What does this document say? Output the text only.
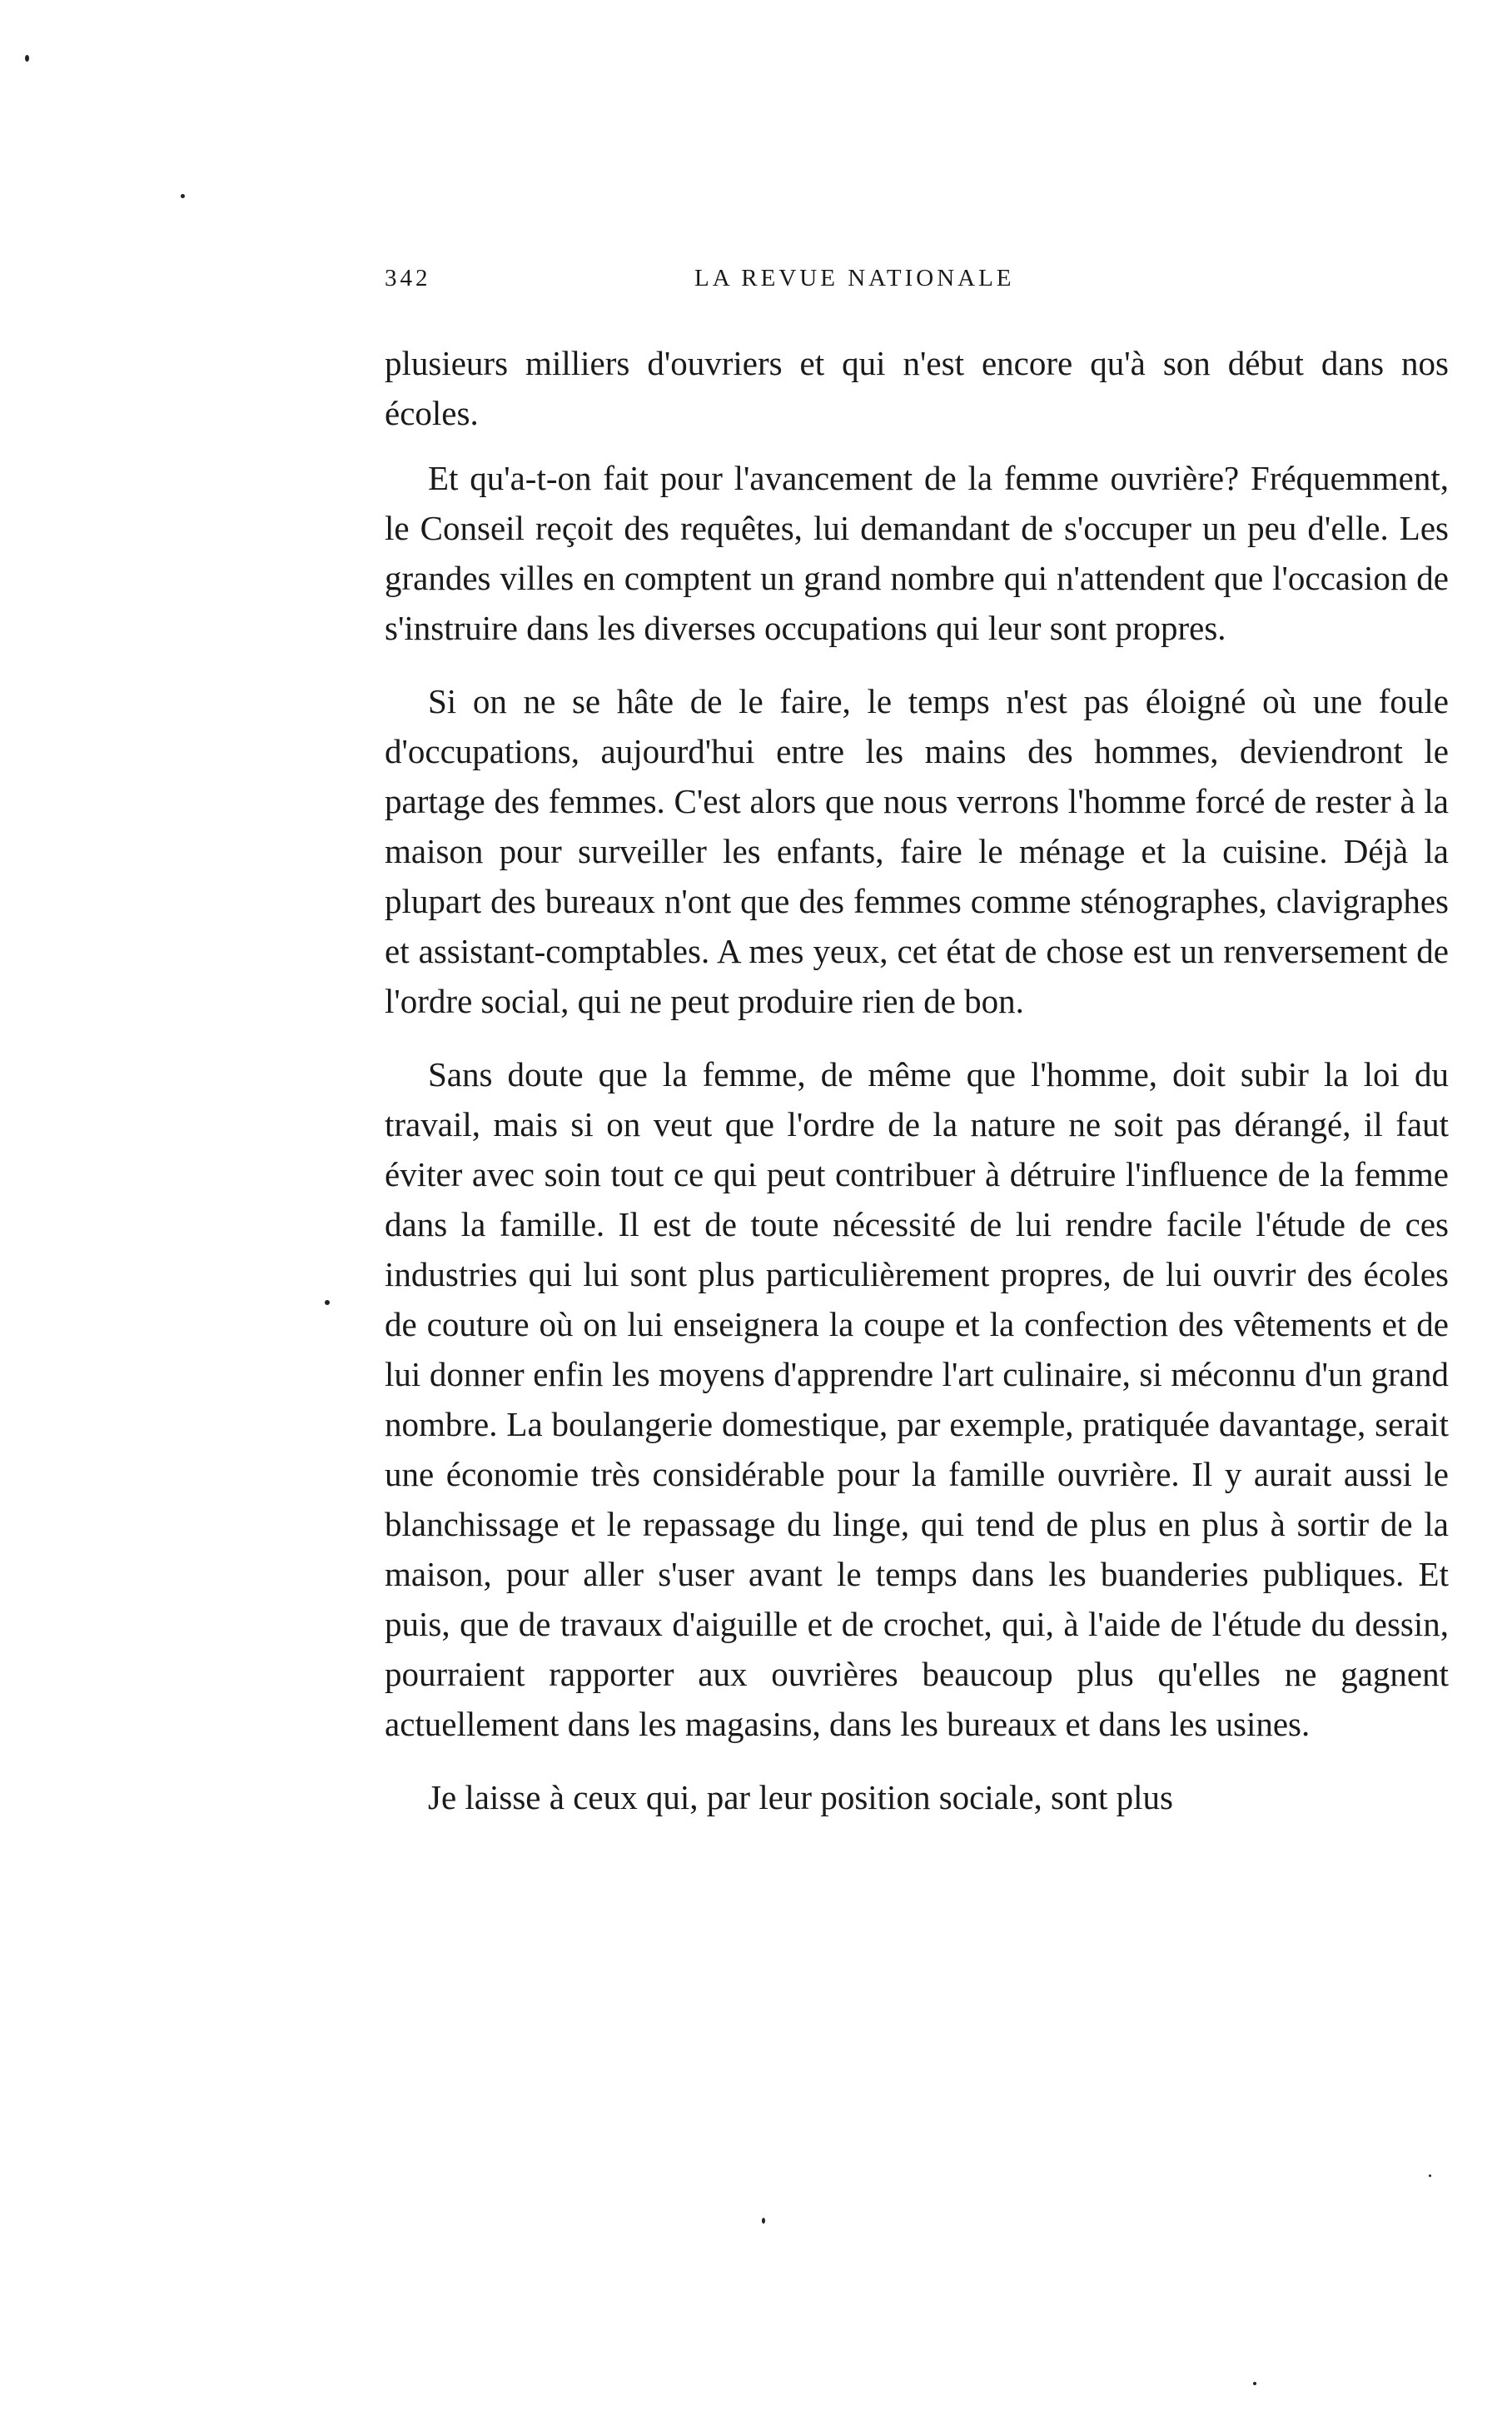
342	LA REVUE NATIONALE

plusieurs milliers d'ouvriers et qui n'est encore qu'à son début dans nos écoles.

Et qu'a-t-on fait pour l'avancement de la femme ouvrière? Fréquemment, le Conseil reçoit des requêtes, lui demandant de s'occuper un peu d'elle. Les grandes villes en comptent un grand nombre qui n'attendent que l'occasion de s'instruire dans les diverses occupations qui leur sont propres.

Si on ne se hâte de le faire, le temps n'est pas éloigné où une foule d'occupations, aujourd'hui entre les mains des hommes, deviendront le partage des femmes. C'est alors que nous verrons l'homme forcé de rester à la maison pour surveiller les enfants, faire le ménage et la cuisine. Déjà la plupart des bureaux n'ont que des femmes comme sténographes, clavigraphes et assistant-comptables. A mes yeux, cet état de chose est un renversement de l'ordre social, qui ne peut produire rien de bon.

Sans doute que la femme, de même que l'homme, doit subir la loi du travail, mais si on veut que l'ordre de la nature ne soit pas dérangé, il faut éviter avec soin tout ce qui peut contribuer à détruire l'influence de la femme dans la famille. Il est de toute nécessité de lui rendre facile l'étude de ces industries qui lui sont plus particulièrement propres, de lui ouvrir des écoles de couture où on lui enseignera la coupe et la confection des vêtements et de lui donner enfin les moyens d'apprendre l'art culinaire, si méconnu d'un grand nombre. La boulangerie domestique, par exemple, pratiquée davantage, serait une économie très considérable pour la famille ouvrière. Il y aurait aussi le blanchissage et le repassage du linge, qui tend de plus en plus à sortir de la maison, pour aller s'user avant le temps dans les buanderies publiques. Et puis, que de travaux d'aiguille et de crochet, qui, à l'aide de l'étude du dessin, pourraient rapporter aux ouvrières beaucoup plus qu'elles ne gagnent actuellement dans les magasins, dans les bureaux et dans les usines.

Je laisse à ceux qui, par leur position sociale, sont plus
